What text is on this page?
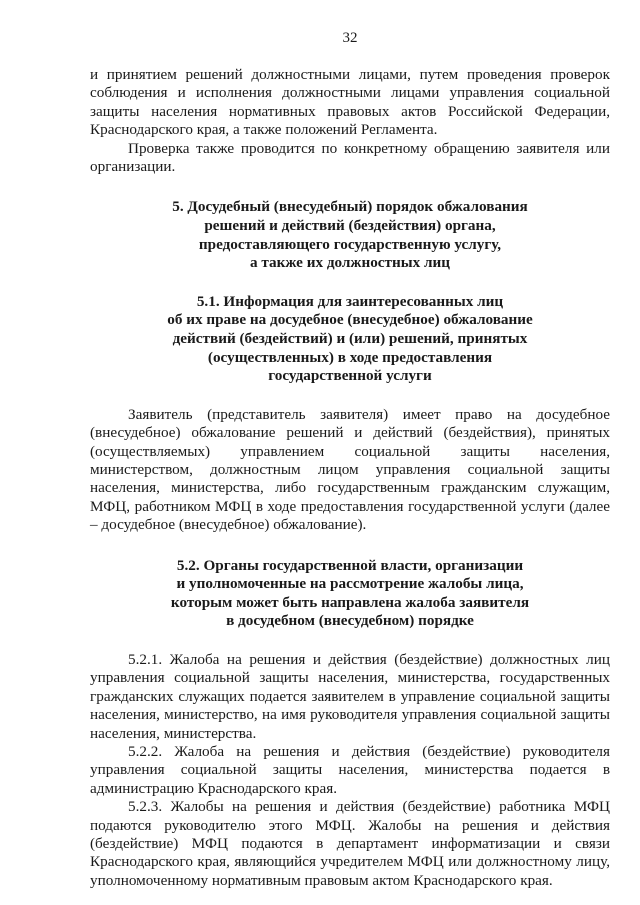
32

и принятием решений должностными лицами, путем проведения проверок соблюдения и исполнения должностными лицами управления социальной защиты населения нормативных правовых актов Российской Федерации, Краснодарского края, а также положений Регламента.

Проверка также проводится по конкретному обращению заявителя или организации.

5. Досудебный (внесудебный) порядок обжалования
решений и действий (бездействия) органа,
предоставляющего государственную услугу,
а также их должностных лиц
5.1. Информация для заинтересованных лиц
об их праве на досудебное (внесудебное) обжалование
действий (бездействий) и (или) решений, принятых
(осуществленных) в ходе предоставления
государственной услуги

Заявитель (представитель заявителя) имеет право на досудебное (внесудебное) обжалование решений и действий (бездействия), принятых (осуществляемых) управлением социальной защиты населения, министерством, должностным лицом управления социальной защиты населения, министерства, либо государственным гражданским служащим, МФЦ, работником МФЦ в ходе предоставления государственной услуги (далее – досудебное (внесудебное) обжалование).

5.2. Органы государственной власти, организации
и уполномоченные на рассмотрение жалобы лица,
которым может быть направлена жалоба заявителя
в досудебном (внесудебном) порядке

5.2.1. Жалоба на решения и действия (бездействие) должностных лиц управления социальной защиты населения, министерства, государственных гражданских служащих подается заявителем в управление социальной защиты населения, министерство, на имя руководителя управления социальной защиты населения, министерства.

5.2.2. Жалоба на решения и действия (бездействие) руководителя управления социальной защиты населения, министерства подается в администрацию Краснодарского края.

5.2.3. Жалобы на решения и действия (бездействие) работника МФЦ подаются руководителю этого МФЦ. Жалобы на решения и действия (бездействие) МФЦ подаются в департамент информатизации и связи Краснодарского края, являющийся учредителем МФЦ или должностному лицу, уполномоченному нормативным правовым актом Краснодарского края.
